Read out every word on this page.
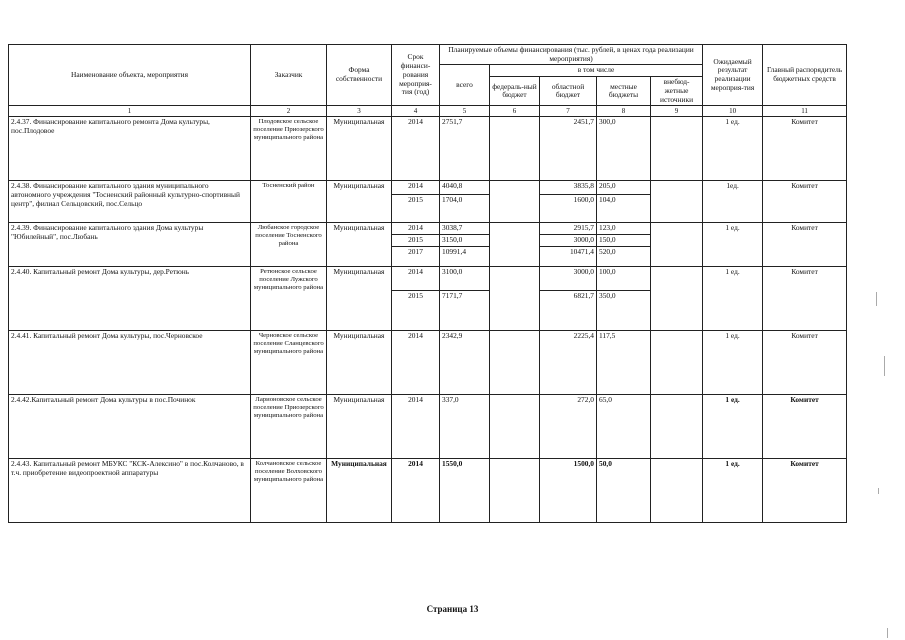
Наименование объекта, мероприятия	Заказчик	Форма собственности	Срок финанси-рования мероприя-тия (год)	Планируемые объемы финансирования (тыс. рублей, в ценах года реализации мероприятия)					Ожидаемый результат реализации мероприя-тия	Главный распорядитель бюджетных средств
				всего	в том числе					
					федераль-ный бюджет	областной бюджет	местные бюджеты	внебюд-жетные источники		
1	2	3	4	5	6	7	8	9	10	11
2.4.37. Финансирование капитального ремонта Дома культуры, пос.Плодовое	Плодовское сельское поселение Приозерского муниципального района	Муниципальная	2014	2751,7		2451,7	300,0		1 ед.	Комитет
2.4.38. Финансирование капитального здания муниципального автономного учреждения "Тосненский районный культурно-спортивный центр", филиал Сельцовский, пос.Сельцо	Тосненский район	Муниципальная	2014	4040,8		3835,8	205,0		1ед.	Комитет
			2015	1704,0		1600,0	104,0			
2.4.39. Финансирование капитального здания Дома культуры "Юбилейный", пос.Любань	Любанское городское поселение Тосненского района	Муниципальная	2014	3038,7		2915,7	123,0		1 ед.	Комитет
			2015	3150,0		3000,0	150,0			
			2017	10991,4		10471,4	520,0			
2.4.40. Капитальный ремонт Дома культуры, дер.Ретюнь	Ретюнское сельское поселение Лужского муниципального района	Муниципальная	2014	3100,0		3000,0	100,0		1 ед.	Комитет
			2015	7171,7		6821,7	350,0			
2.4.41. Капитальный ремонт Дома культуры, пос.Черновское	Черновское сельское поселение Сланцевского муниципального района	Муниципальная	2014	2342,9		2225,4	117,5		1 ед.	Комитет
2.4.42.Капитальный ремонт Дома культуры в пос.Починок	Ларионовское сельское поселение Приозерского муниципального района	Муниципальная	2014	337,0		272,0	65,0		1 ед.	Комитет
2.4.43. Капитальный ремонт МБУКС "КСК-Алексино" в пос.Колчаново, в т.ч. приобретение видеопроектной аппаратуры	Колчановское сельское поселение Волховского муниципального района	Муниципальная	2014	1550,0		1500,0	50,0		1 ед.	Комитет
Страница 13
